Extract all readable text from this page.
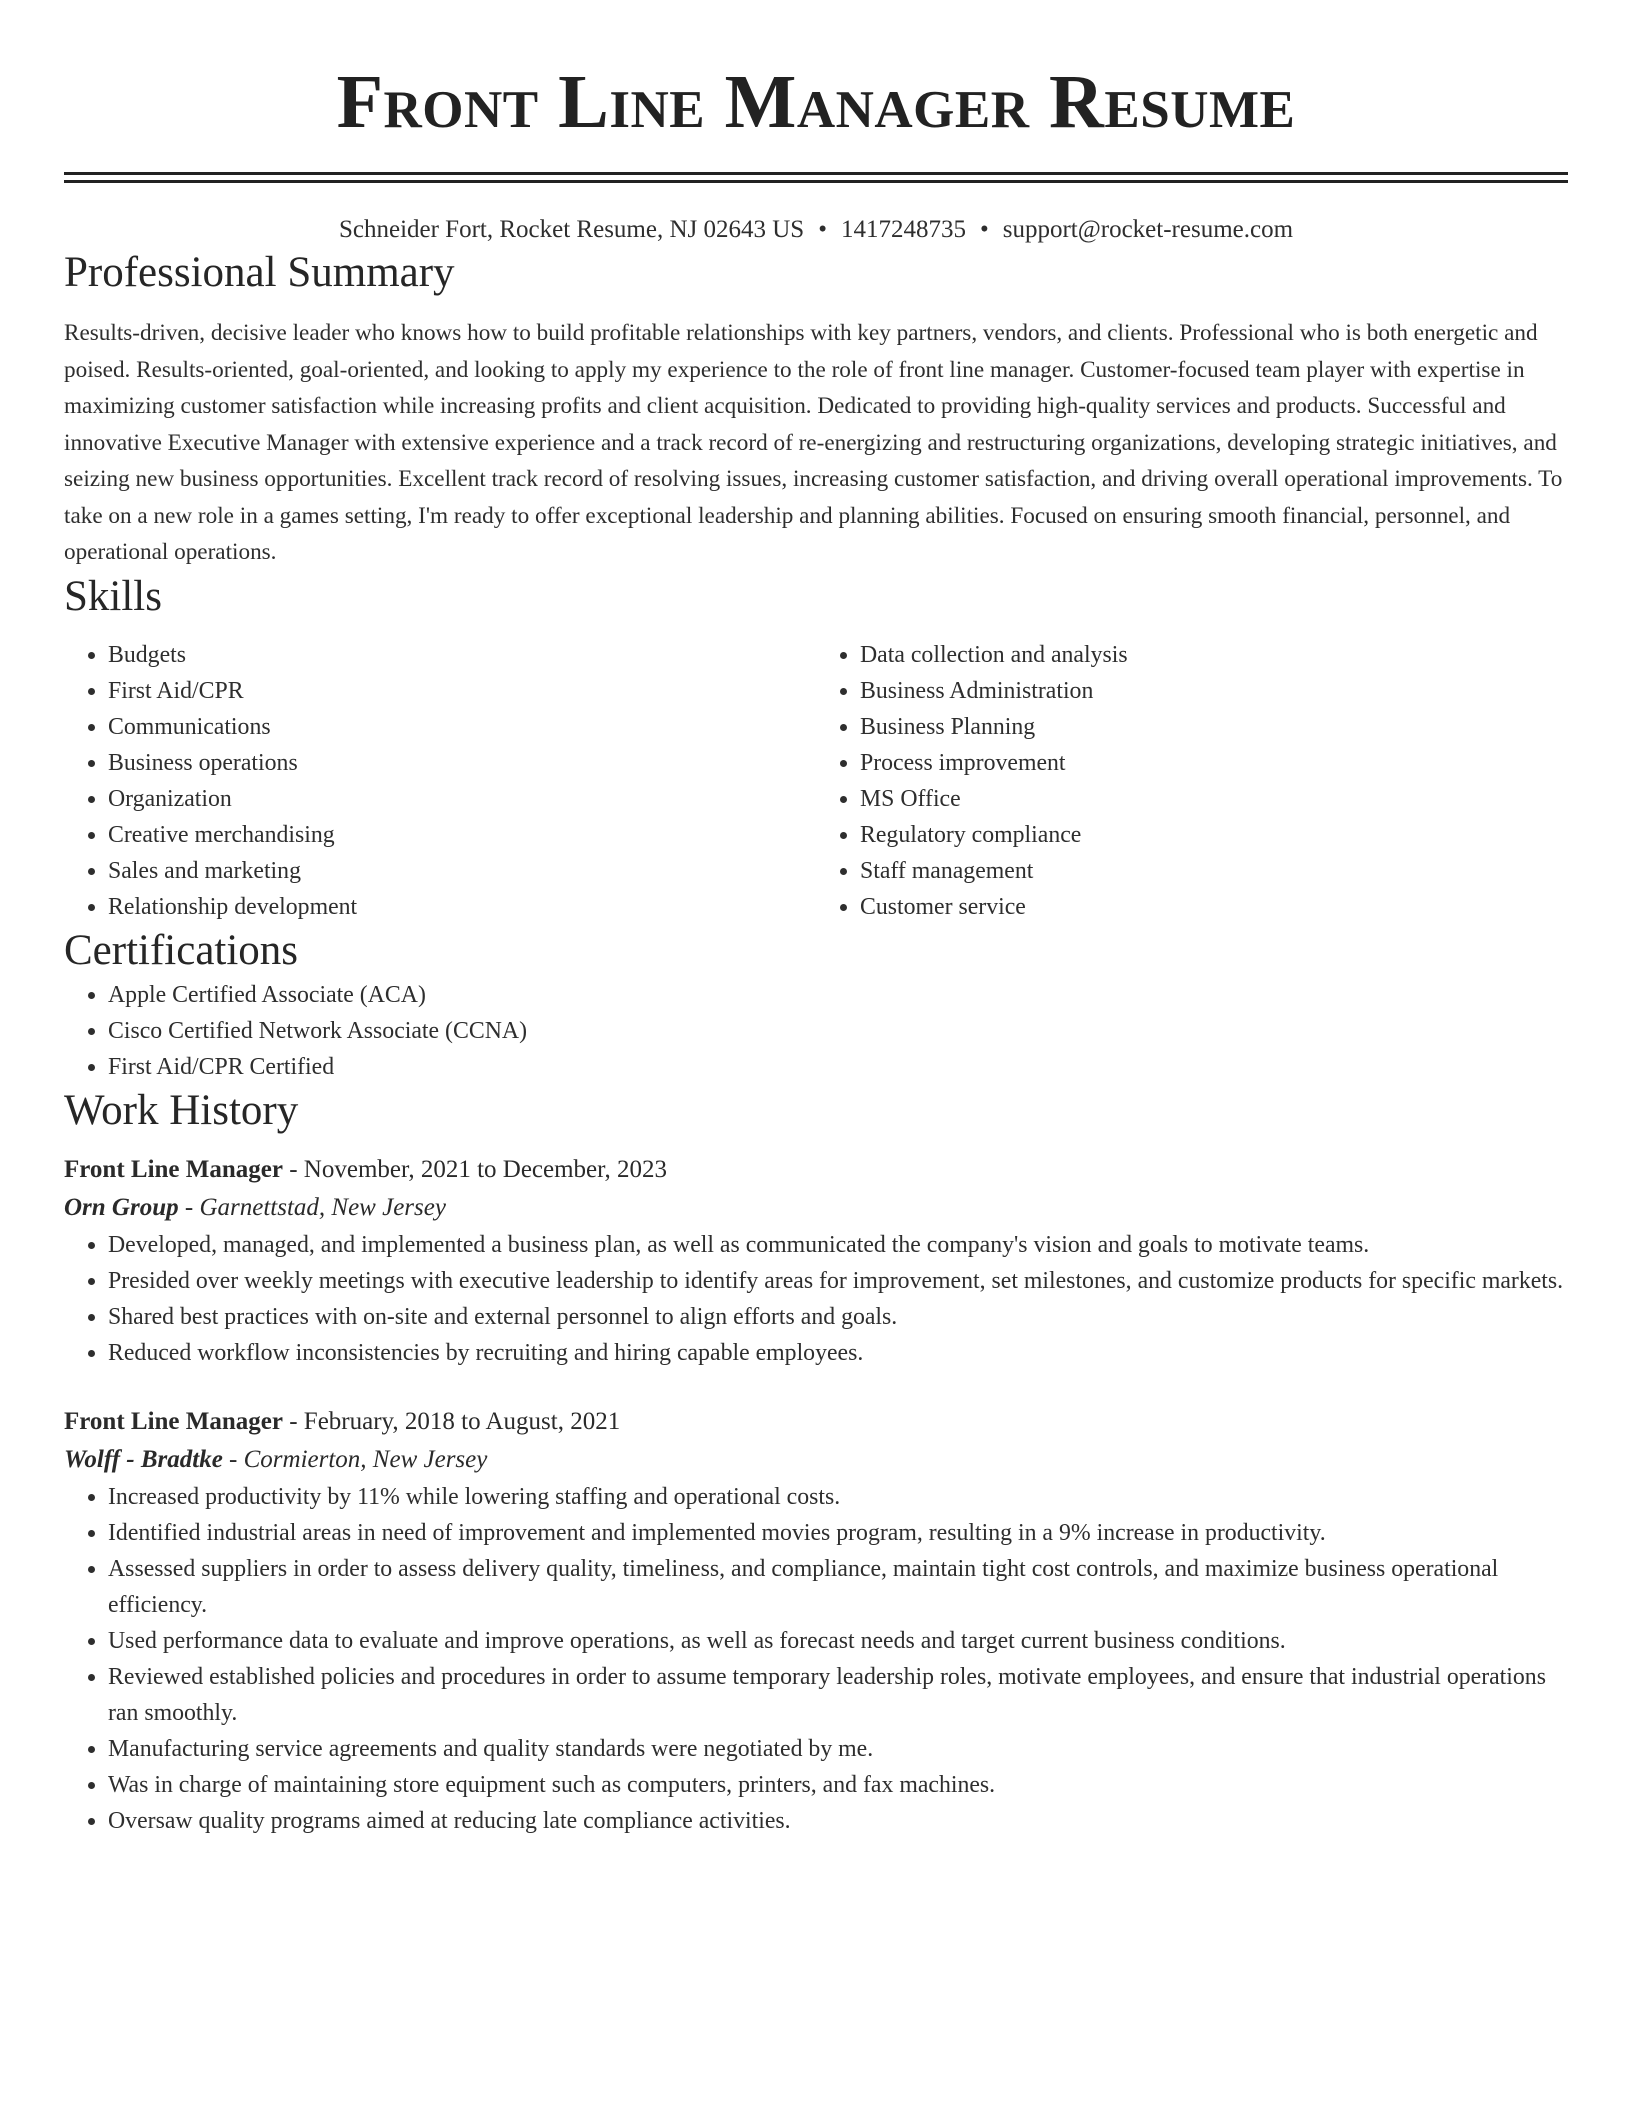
Front Line Manager Resume
Schneider Fort, Rocket Resume, NJ 02643 US • 1417248735 • support@rocket-resume.com
Professional Summary
Results-driven, decisive leader who knows how to build profitable relationships with key partners, vendors, and clients. Professional who is both energetic and poised. Results-oriented, goal-oriented, and looking to apply my experience to the role of front line manager. Customer-focused team player with expertise in maximizing customer satisfaction while increasing profits and client acquisition. Dedicated to providing high-quality services and products. Successful and innovative Executive Manager with extensive experience and a track record of re-energizing and restructuring organizations, developing strategic initiatives, and seizing new business opportunities. Excellent track record of resolving issues, increasing customer satisfaction, and driving overall operational improvements. To take on a new role in a games setting, I'm ready to offer exceptional leadership and planning abilities. Focused on ensuring smooth financial, personnel, and operational operations.
Skills
• Budgets
• First Aid/CPR
• Communications
• Business operations
• Organization
• Creative merchandising
• Sales and marketing
• Relationship development
• Data collection and analysis
• Business Administration
• Business Planning
• Process improvement
• MS Office
• Regulatory compliance
• Staff management
• Customer service
Certifications
• Apple Certified Associate (ACA)
• Cisco Certified Network Associate (CCNA)
• First Aid/CPR Certified
Work History
Front Line Manager - November, 2021 to December, 2023
Orn Group - Garnettstad, New Jersey
• Developed, managed, and implemented a business plan, as well as communicated the company's vision and goals to motivate teams.
• Presided over weekly meetings with executive leadership to identify areas for improvement, set milestones, and customize products for specific markets.
• Shared best practices with on-site and external personnel to align efforts and goals.
• Reduced workflow inconsistencies by recruiting and hiring capable employees.
Front Line Manager - February, 2018 to August, 2021
Wolff - Bradtke - Cormierton, New Jersey
• Increased productivity by 11% while lowering staffing and operational costs.
• Identified industrial areas in need of improvement and implemented movies program, resulting in a 9% increase in productivity.
• Assessed suppliers in order to assess delivery quality, timeliness, and compliance, maintain tight cost controls, and maximize business operational efficiency.
• Used performance data to evaluate and improve operations, as well as forecast needs and target current business conditions.
• Reviewed established policies and procedures in order to assume temporary leadership roles, motivate employees, and ensure that industrial operations ran smoothly.
• Manufacturing service agreements and quality standards were negotiated by me.
• Was in charge of maintaining store equipment such as computers, printers, and fax machines.
• Oversaw quality programs aimed at reducing late compliance activities.
